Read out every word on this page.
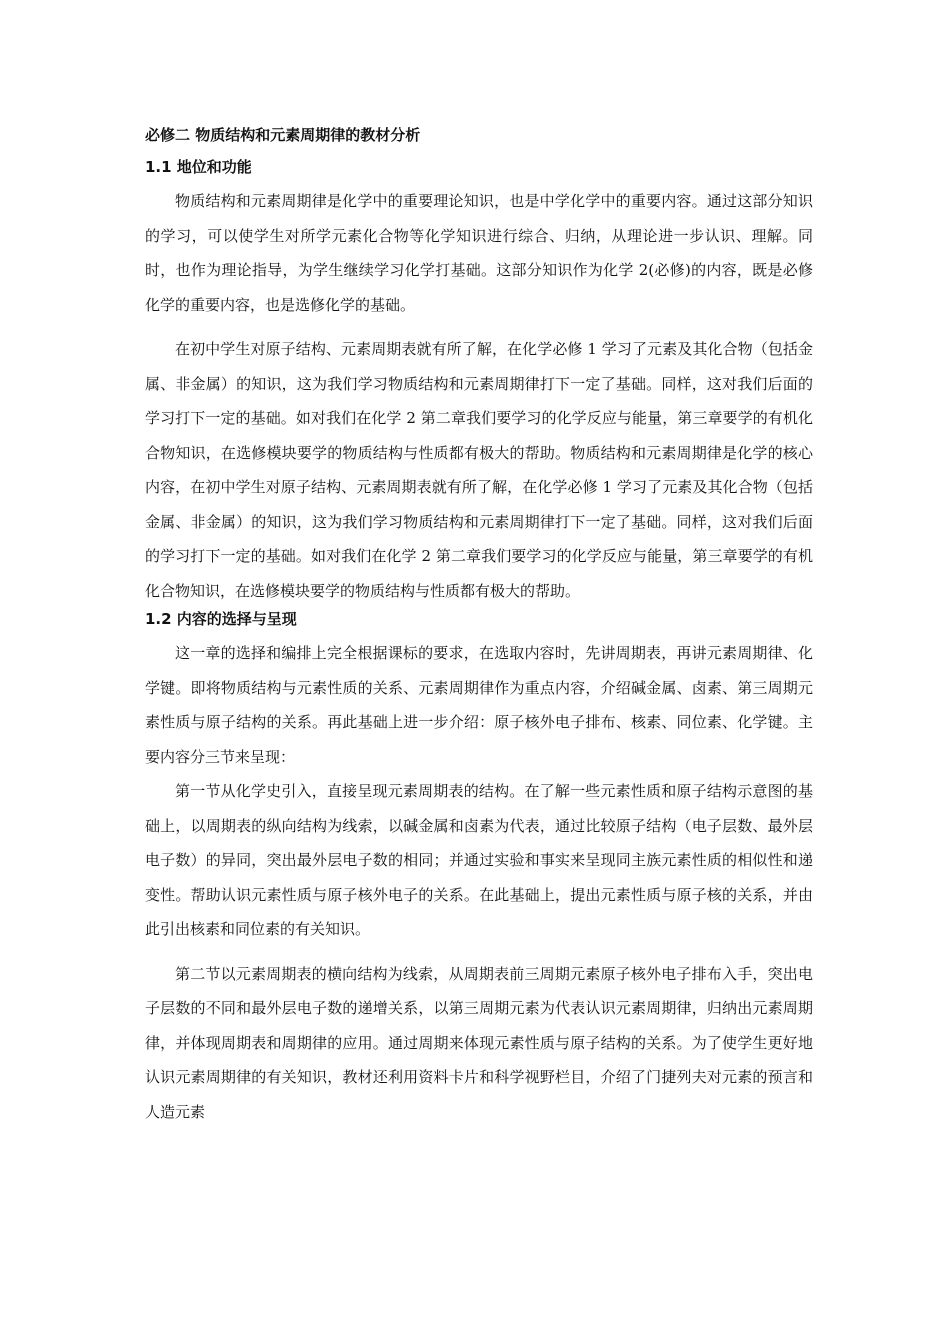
必修二 物质结构和元素周期律的教材分析
1.1 地位和功能

物质结构和元素周期律是化学中的重要理论知识，也是中学化学中的重要内容。通过这部分知识的学习，可以使学生对所学元素化合物等化学知识进行综合、归纳，从理论进一步认识、理解。同时，也作为理论指导，为学生继续学习化学打基础。这部分知识作为化学 2(必修)的内容，既是必修化学的重要内容，也是选修化学的基础。

在初中学生对原子结构、元素周期表就有所了解，在化学必修 1 学习了元素及其化合物（包括金属、非金属）的知识，这为我们学习物质结构和元素周期律打下一定了基础。同样，这对我们后面的学习打下一定的基础。如对我们在化学 2 第二章我们要学习的化学反应与能量，第三章要学的有机化合物知识，在选修模块要学的物质结构与性质都有极大的帮助。物质结构和元素周期律是化学的核心内容，在初中学生对原子结构、元素周期表就有所了解，在化学必修 1 学习了元素及其化合物（包括金属、非金属）的知识，这为我们学习物质结构和元素周期律打下一定了基础。同样，这对我们后面的学习打下一定的基础。如对我们在化学 2 第二章我们要学习的化学反应与能量，第三章要学的有机化合物知识，在选修模块要学的物质结构与性质都有极大的帮助。

1.2 内容的选择与呈现

这一章的选择和编排上完全根据课标的要求，在选取内容时，先讲周期表，再讲元素周期律、化学键。即将物质结构与元素性质的关系、元素周期律作为重点内容，介绍碱金属、卤素、第三周期元素性质与原子结构的关系。再此基础上进一步介绍：原子核外电子排布、核素、同位素、化学键。主要内容分三节来呈现：

第一节从化学史引入，直接呈现元素周期表的结构。在了解一些元素性质和原子结构示意图的基础上，以周期表的纵向结构为线索，以碱金属和卤素为代表，通过比较原子结构（电子层数、最外层电子数）的异同，突出最外层电子数的相同；并通过实验和事实来呈现同主族元素性质的相似性和递变性。帮助认识元素性质与原子核外电子的关系。在此基础上，提出元素性质与原子核的关系，并由此引出核素和同位素的有关知识。

第二节以元素周期表的横向结构为线索，从周期表前三周期元素原子核外电子排布入手，突出电子层数的不同和最外层电子数的递增关系，以第三周期元素为代表认识元素周期律，归纳出元素周期律，并体现周期表和周期律的应用。通过周期来体现元素性质与原子结构的关系。为了使学生更好地认识元素周期律的有关知识，教材还利用资料卡片和科学视野栏目，介绍了门捷列夫对元素的预言和人造元素
